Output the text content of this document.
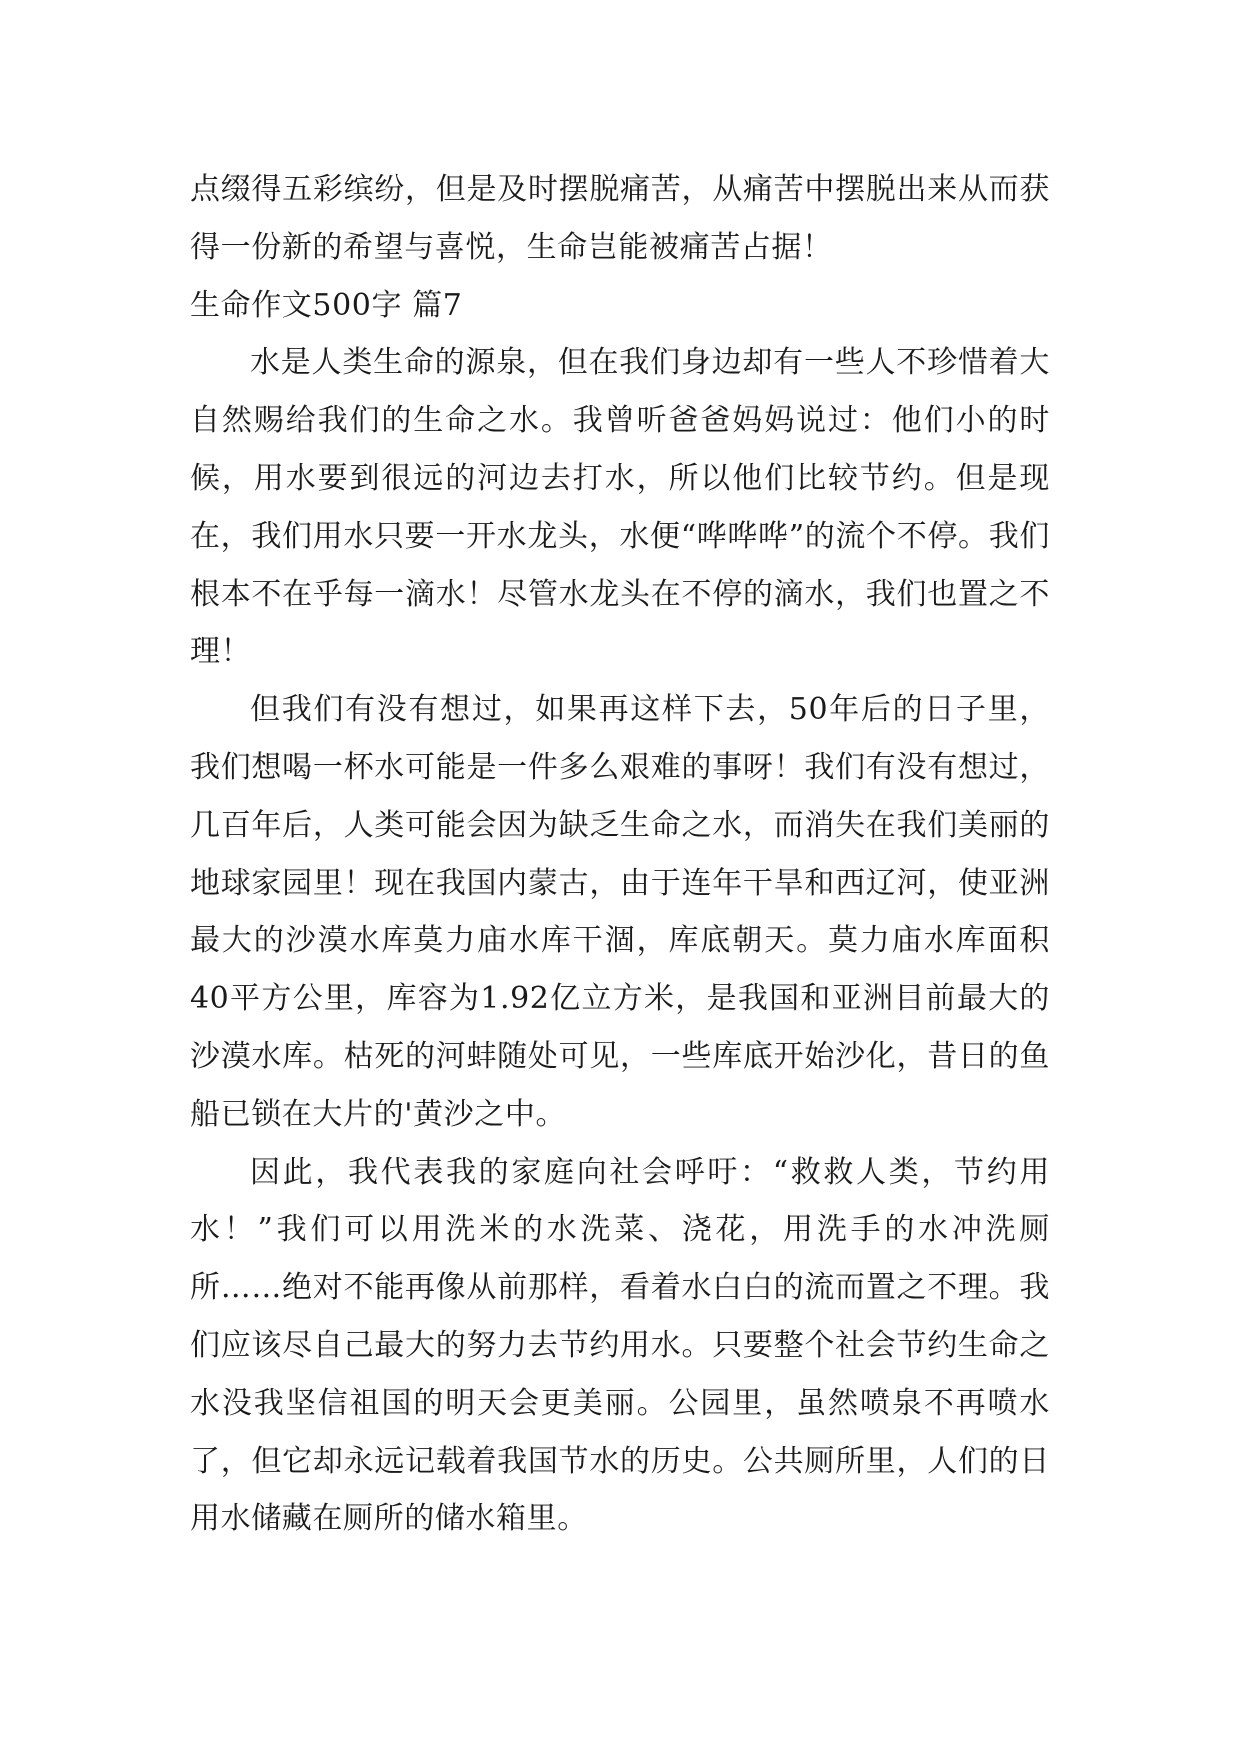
点缀得五彩缤纷，但是及时摆脱痛苦，从痛苦中摆脱出来从而获得一份新的希望与喜悦，生命岂能被痛苦占据！

生命作文500字 篇7

水是人类生命的源泉，但在我们身边却有一些人不珍惜着大自然赐给我们的生命之水。我曾听爸爸妈妈说过：他们小的时候，用水要到很远的河边去打水，所以他们比较节约。但是现在，我们用水只要一开水龙头，水便“哗哗哗”的流个不停。我们根本不在乎每一滴水！尽管水龙头在不停的滴水，我们也置之不理！

但我们有没有想过，如果再这样下去，50年后的日子里，我们想喝一杯水可能是一件多么艰难的事呀！我们有没有想过，几百年后，人类可能会因为缺乏生命之水，而消失在我们美丽的地球家园里！现在我国内蒙古，由于连年干旱和西辽河，使亚洲最大的沙漠水库莫力庙水库干涸，库底朝天。莫力庙水库面积40平方公里，库容为1.92亿立方米，是我国和亚洲目前最大的沙漠水库。枯死的河蚌随处可见，一些库底开始沙化，昔日的鱼船已锁在大片的'黄沙之中。

因此，我代表我的家庭向社会呼吁：“救救人类，节约用水！”我们可以用洗米的水洗菜、浇花，用洗手的水冲洗厕所……绝对不能再像从前那样，看着水白白的流而置之不理。我们应该尽自己最大的努力去节约用水。只要整个社会节约生命之水没我坚信祖国的明天会更美丽。公园里，虽然喷泉不再喷水了，但它却永远记载着我国节水的历史。公共厕所里，人们的日用水储藏在厕所的储水箱里。
